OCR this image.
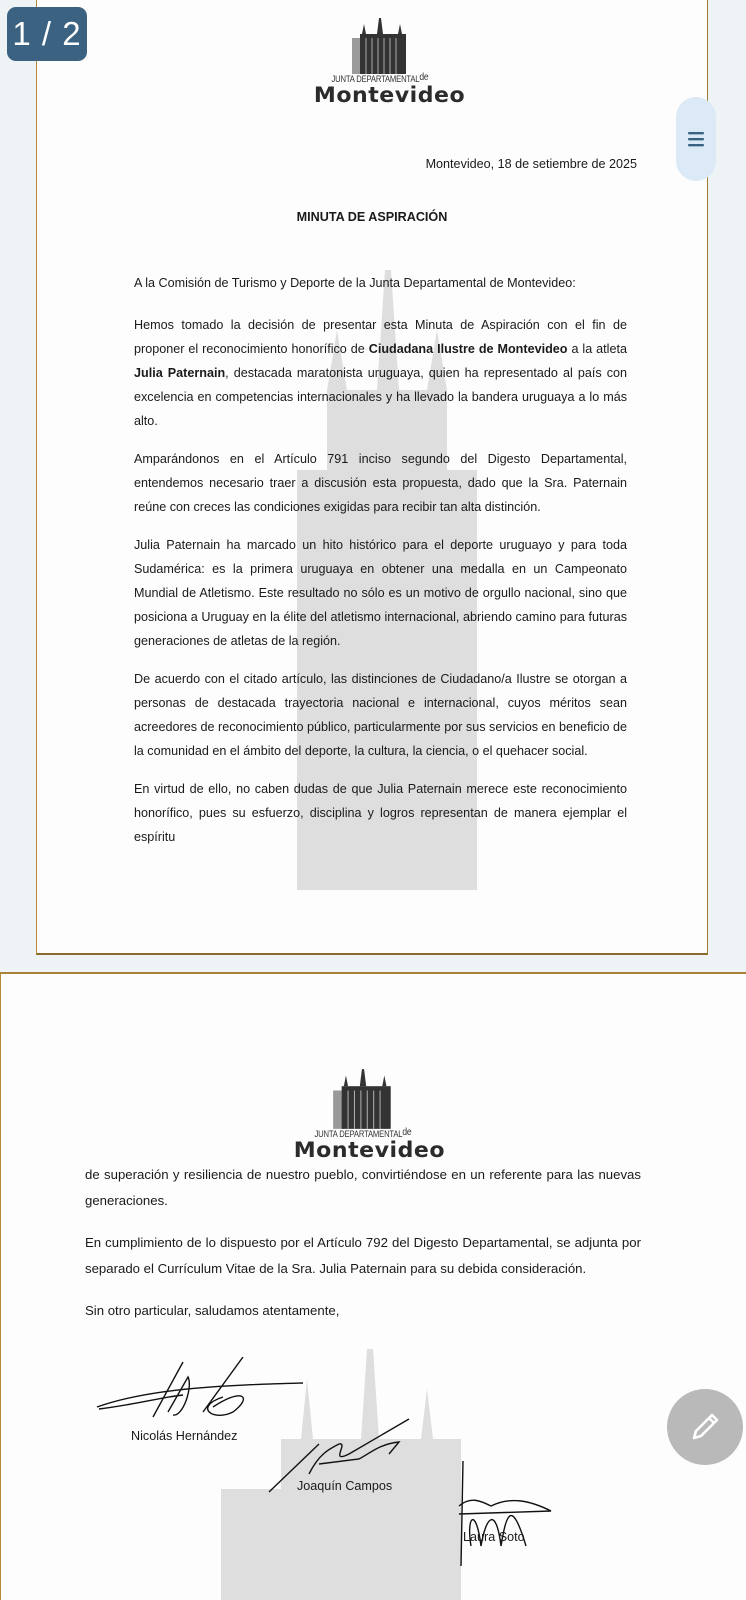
JUNTA DEPARTAMENTALde
Montevideo
Montevideo, 18 de setiembre de 2025
MINUTA DE ASPIRACIÓN

A la Comisión de Turismo y Deporte de la Junta Departamental de Montevideo:

Hemos tomado la decisión de presentar esta Minuta de Aspiración con el fin de proponer el reconocimiento honorífico de Ciudadana Ilustre de Montevideo a la atleta Julia Paternain, destacada maratonista uruguaya, quien ha representado al país con excelencia en competencias internacionales y ha llevado la bandera uruguaya a lo más alto.

Amparándonos en el Artículo 791 inciso segundo del Digesto Departamental, entendemos necesario traer a discusión esta propuesta, dado que la Sra. Paternain reúne con creces las condiciones exigidas para recibir tan alta distinción.

Julia Paternain ha marcado un hito histórico para el deporte uruguayo y para toda Sudamérica: es la primera uruguaya en obtener una medalla en un Campeonato Mundial de Atletismo. Este resultado no sólo es un motivo de orgullo nacional, sino que posiciona a Uruguay en la élite del atletismo internacional, abriendo camino para futuras generaciones de atletas de la región.

De acuerdo con el citado artículo, las distinciones de Ciudadano/a Ilustre se otorgan a personas de destacada trayectoria nacional e internacional, cuyos méritos sean acreedores de reconocimiento público, particularmente por sus servicios en beneficio de la comunidad en el ámbito del deporte, la cultura, la ciencia, o el quehacer social.

En virtud de ello, no caben dudas de que Julia Paternain merece este reconocimiento honorífico, pues su esfuerzo, disciplina y logros representan de manera ejemplar el espíritu

JUNTA DEPARTAMENTALde
Montevideo

de superación y resiliencia de nuestro pueblo, convirtiéndose en un referente para las nuevas generaciones.

En cumplimiento de lo dispuesto por el Artículo 792 del Digesto Departamental, se adjunta por separado el Currículum Vitae de la Sra. Julia Paternain para su debida consideración.

Sin otro particular, saludamos atentamente,

Nicolás Hernández
Joaquín Campos
Laura Soto
1 / 2
